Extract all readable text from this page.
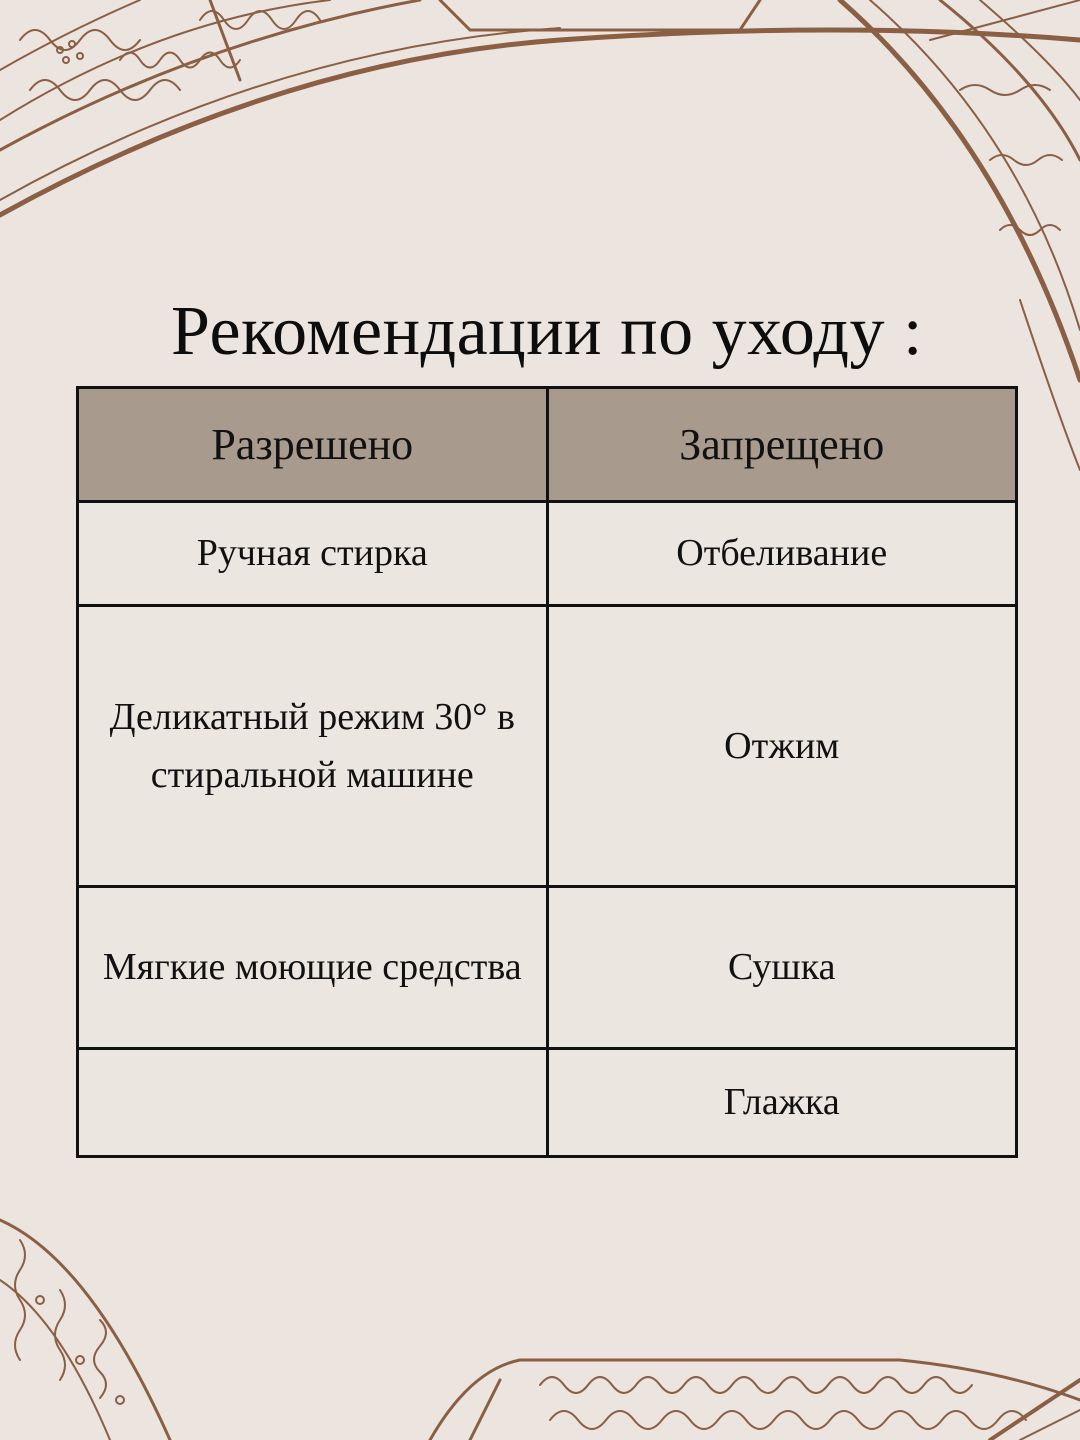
Рекомендации по уходу :
Разрешено	Запрещено
Ручная стирка	Отбеливание
Деликатный режим 30° в стиральной машине	Отжим
Мягкие моющие средства	Сушка
	Глажка
